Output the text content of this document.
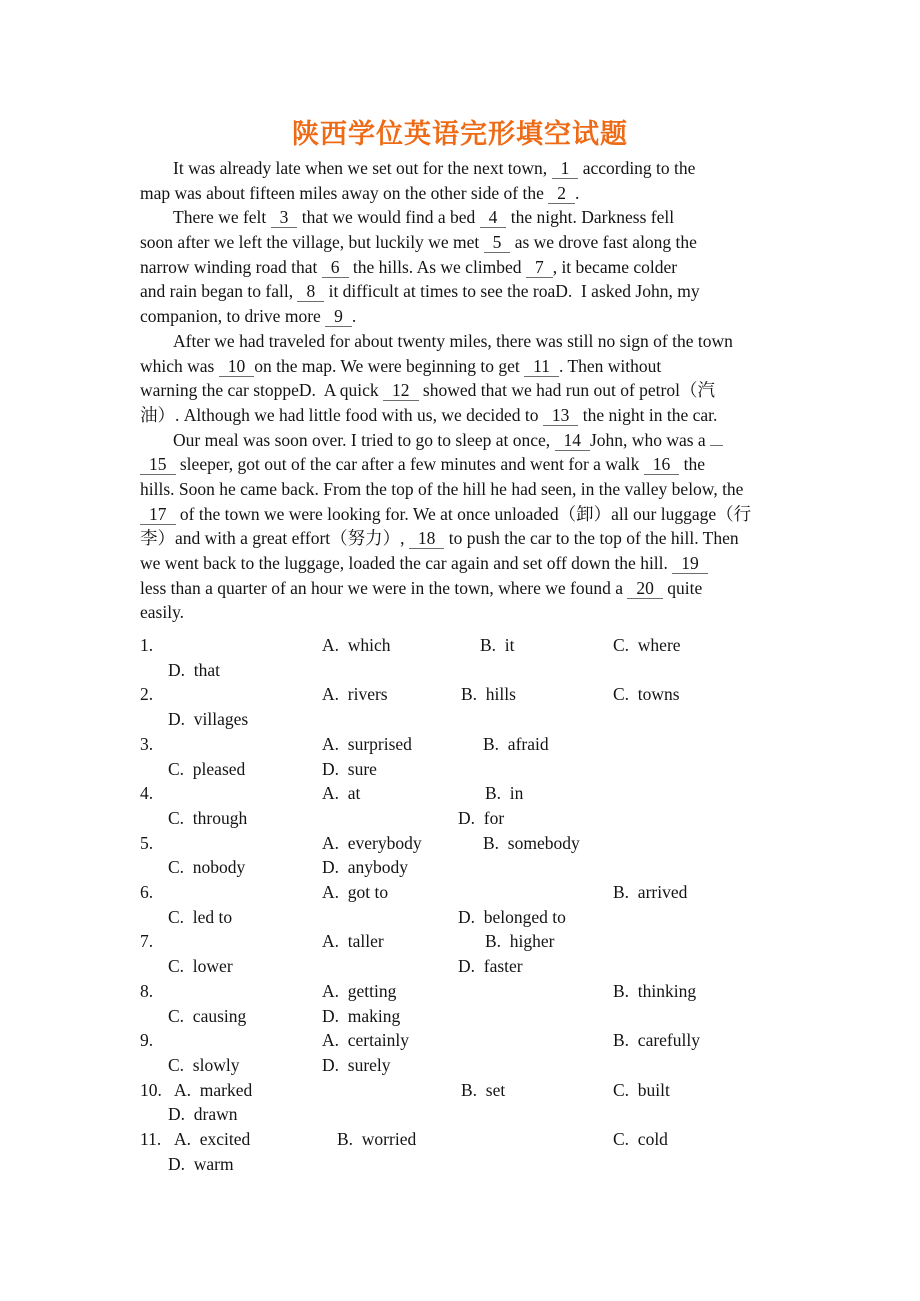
陕西学位英语完形填空试题
It was already late when we set out for the next town, 1 according to the
map was about fifteen miles away on the other side of the 2 .
There we felt 3 that we would find a bed 4 the night. Darkness fell
soon after we left the village, but luckily we met 5 as we drove fast along the
narrow winding road that 6 the hills. As we climbed 7 , it became colder
and rain began to fall, 8 it difficult at times to see the roaD.  I asked John, my
companion, to drive more 9 .
After we had traveled for about twenty miles, there was still no sign of the town
which was 10 on the map. We were beginning to get 11 . Then without
warning the car stoppeD.  A quick 12 showed that we had run out of petrol（汽
油）. Although we had little food with us, we decided to 13 the night in the car.
Our meal was soon over. I tried to go to sleep at once, 14 John, who was a
15 sleeper, got out of the car after a few minutes and went for a walk 16 the
hills. Soon he came back. From the top of the hill he had seen, in the valley below, the
17 of the town we were looking for. We at once unloaded（卸）all our luggage（行
李）and with a great effort（努力）, 18 to push the car to the top of the hill. Then
we went back to the luggage, loaded the car again and set off down the hill. 19
less than a quarter of an hour we were in the town, where we found a 20 quite
easily.
1.	A.  which	B.  it	C.  where
D.  that
2.	A.  rivers	B.  hills	C.  towns
D.  villages
3.	A.  surprised	B.  afraid
C.  pleased	D.  sure
4.	A.  at	B.  in
C.  through	D.  for
5.	A.  everybody	B.  somebody
C.  nobody	D.  anybody
6.	A.  got to	B.  arrived
C.  led to	D.  belonged to
7.	A.  taller	B.  higher
C.  lower	D.  faster
8.	A.  getting	B.  thinking
C.  causing	D.  making
9.	A.  certainly	B.  carefully
C.  slowly	D.  surely
10. A.  marked	B.  set	C.  built
D.  drawn
11. A.  excited	B.  worried	C.  cold
D.  warm
